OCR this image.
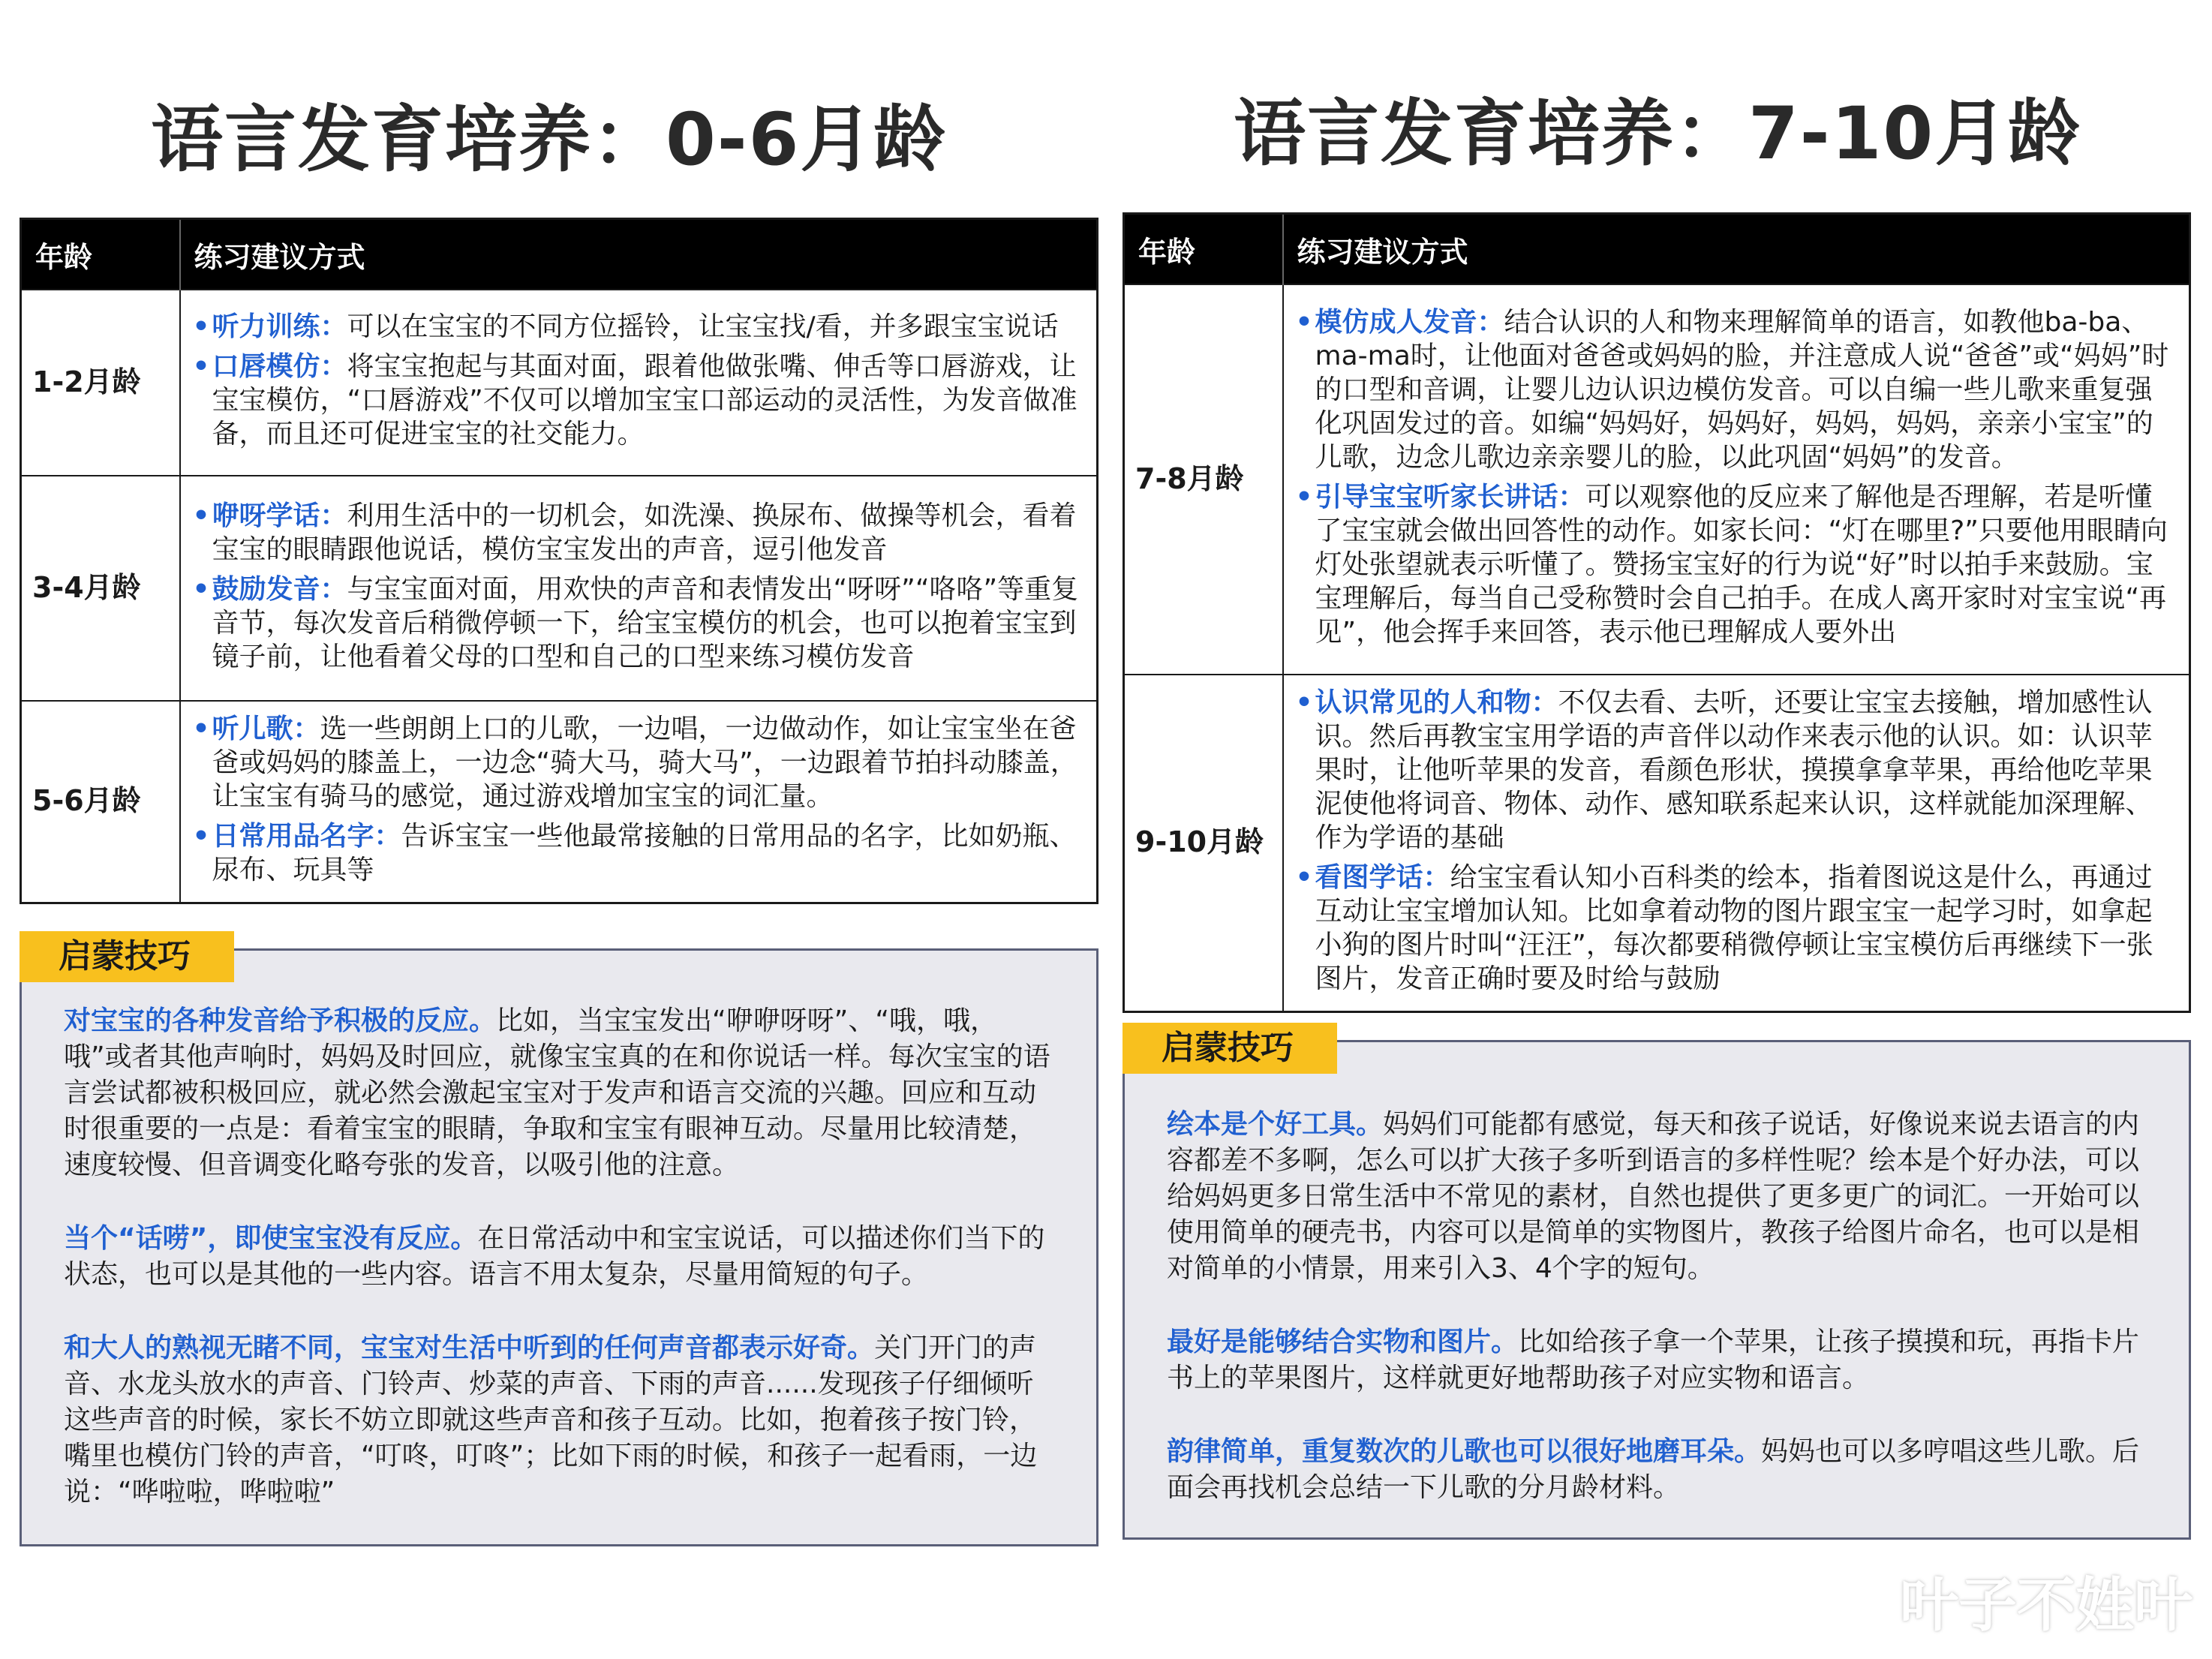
语言发育培养：0-6月龄
年龄	练习建议方式
1-2月龄	• 听力训练：可以在宝宝的不同方位摇铃，让宝宝找/看，并多跟宝宝说话
• 口唇模仿：将宝宝抱起与其面对面，跟着他做张嘴、伸舌等口唇游戏，让宝宝模仿，“口唇游戏”不仅可以增加宝宝口部运动的灵活性，为发音做准备，而且还可促进宝宝的社交能力。

3-4月龄	• 咿呀学话：利用生活中的一切机会，如洗澡、换尿布、做操等机会，看着宝宝的眼睛跟他说话，模仿宝宝发出的声音，逗引他发音
• 鼓励发音：与宝宝面对面，用欢快的声音和表情发出“呀呀”“咯咯”等重复音节，每次发音后稍微停顿一下，给宝宝模仿的机会，也可以抱着宝宝到镜子前，让他看着父母的口型和自己的口型来练习模仿发音

5-6月龄	• 听儿歌：选一些朗朗上口的儿歌，一边唱，一边做动作，如让宝宝坐在爸爸或妈妈的膝盖上，一边念“骑大马，骑大马”，一边跟着节拍抖动膝盖，让宝宝有骑马的感觉，通过游戏增加宝宝的词汇量。
• 日常用品名字：告诉宝宝一些他最常接触的日常用品的名字，比如奶瓶、尿布、玩具等
启蒙技巧

对宝宝的各种发音给予积极的反应。比如，当宝宝发出“咿咿呀呀”、“哦，哦，哦”或者其他声响时，妈妈及时回应，就像宝宝真的在和你说话一样。每次宝宝的语言尝试都被积极回应，就必然会激起宝宝对于发声和语言交流的兴趣。回应和互动时很重要的一点是：看着宝宝的眼睛，争取和宝宝有眼神互动。尽量用比较清楚，速度较慢、但音调变化略夸张的发音，以吸引他的注意。

当个“话唠”，即使宝宝没有反应。在日常活动中和宝宝说话，可以描述你们当下的状态，也可以是其他的一些内容。语言不用太复杂，尽量用简短的句子。

和大人的熟视无睹不同，宝宝对生活中听到的任何声音都表示好奇。关门开门的声音、水龙头放水的声音、门铃声、炒菜的声音、下雨的声音......发现孩子仔细倾听这些声音的时候，家长不妨立即就这些声音和孩子互动。比如，抱着孩子按门铃，嘴里也模仿门铃的声音，“叮咚，叮咚”；比如下雨的时候，和孩子一起看雨，一边说：“哗啦啦，哗啦啦”

语言发育培养：7-10月龄
年龄	练习建议方式
7-8月龄	• 模仿成人发音：结合认识的人和物来理解简单的语言，如教他ba-ba、ma-ma时，让他面对爸爸或妈妈的脸，并注意成人说“爸爸”或“妈妈”时的口型和音调，让婴儿边认识边模仿发音。可以自编一些儿歌来重复强化巩固发过的音。如编“妈妈好，妈妈好，妈妈，妈妈，亲亲小宝宝”的儿歌，边念儿歌边亲亲婴儿的脸，以此巩固“妈妈”的发音。
• 引导宝宝听家长讲话：可以观察他的反应来了解他是否理解，若是听懂了宝宝就会做出回答性的动作。如家长问：“灯在哪里?”只要他用眼睛向灯处张望就表示听懂了。赞扬宝宝好的行为说“好”时以拍手来鼓励。宝宝理解后，每当自己受称赞时会自己拍手。在成人离开家时对宝宝说“再见”，他会挥手来回答，表示他已理解成人要外出

9-10月龄	• 认识常见的人和物：不仅去看、去听，还要让宝宝去接触，增加感性认识。然后再教宝宝用学语的声音伴以动作来表示他的认识。如：认识苹果时，让他听苹果的发音，看颜色形状，摸摸拿拿苹果，再给他吃苹果泥使他将词音、物体、动作、感知联系起来认识，这样就能加深理解、作为学语的基础
• 看图学话：给宝宝看认知小百科类的绘本，指着图说这是什么，再通过互动让宝宝增加认知。比如拿着动物的图片跟宝宝一起学习时，如拿起小狗的图片时叫“汪汪”，每次都要稍微停顿让宝宝模仿后再继续下一张图片，发音正确时要及时给与鼓励
启蒙技巧

绘本是个好工具。妈妈们可能都有感觉，每天和孩子说话，好像说来说去语言的内容都差不多啊，怎么可以扩大孩子多听到语言的多样性呢？绘本是个好办法，可以给妈妈更多日常生活中不常见的素材，自然也提供了更多更广的词汇。一开始可以使用简单的硬壳书，内容可以是简单的实物图片，教孩子给图片命名，也可以是相对简单的小情景，用来引入3、4个字的短句。

最好是能够结合实物和图片。比如给孩子拿一个苹果，让孩子摸摸和玩，再指卡片书上的苹果图片，这样就更好地帮助孩子对应实物和语言。

韵律简单，重复数次的儿歌也可以很好地磨耳朵。妈妈也可以多哼唱这些儿歌。后面会再找机会总结一下儿歌的分月龄材料。

叶子不姓叶
